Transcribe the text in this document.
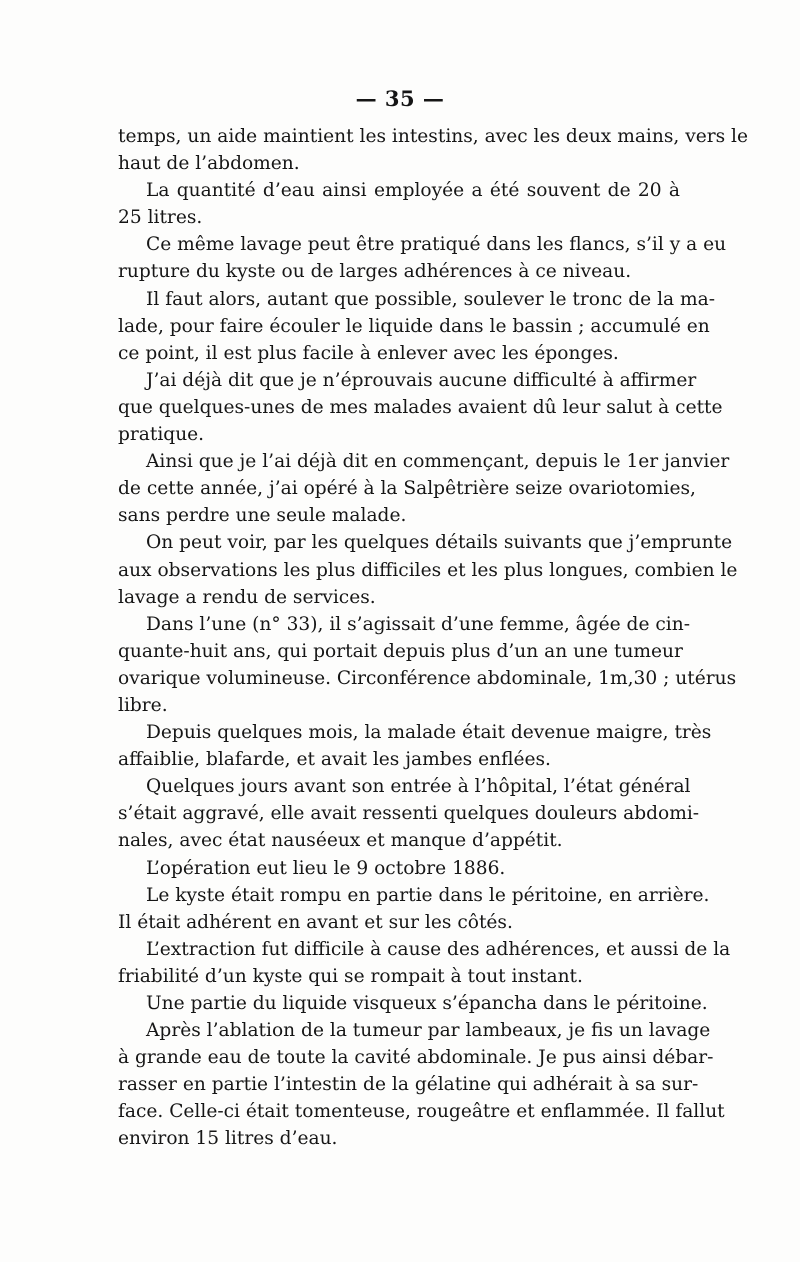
— 35 —
temps, un aide maintient les intestins, avec les deux mains, vers le
haut de l’abdomen.
La quantité d’eau ainsi employée a été souvent de 20 à
25 litres.
Ce même lavage peut être pratiqué dans les flancs, s’il y a eu
rupture du kyste ou de larges adhérences à ce niveau.
Il faut alors, autant que possible, soulever le tronc de la ma-
lade, pour faire écouler le liquide dans le bassin ; accumulé en
ce point, il est plus facile à enlever avec les éponges.
J’ai déjà dit que je n’éprouvais aucune difficulté à affirmer
que quelques-unes de mes malades avaient dû leur salut à cette
pratique.
Ainsi que je l’ai déjà dit en commençant, depuis le 1er janvier
de cette année, j’ai opéré à la Salpêtrière seize ovariotomies,
sans perdre une seule malade.
On peut voir, par les quelques détails suivants que j’emprunte
aux observations les plus difficiles et les plus longues, combien le
lavage a rendu de services.
Dans l’une (n° 33), il s’agissait d’une femme, âgée de cin-
quante-huit ans, qui portait depuis plus d’un an une tumeur
ovarique volumineuse. Circonférence abdominale, 1m,30 ; utérus
libre.
Depuis quelques mois, la malade était devenue maigre, très
affaiblie, blafarde, et avait les jambes enflées.
Quelques jours avant son entrée à l’hôpital, l’état général
s’était aggravé, elle avait ressenti quelques douleurs abdomi-
nales, avec état nauséeux et manque d’appétit.
L’opération eut lieu le 9 octobre 1886.
Le kyste était rompu en partie dans le péritoine, en arrière.
Il était adhérent en avant et sur les côtés.
L’extraction fut difficile à cause des adhérences, et aussi de la
friabilité d’un kyste qui se rompait à tout instant.
Une partie du liquide visqueux s’épancha dans le péritoine.
Après l’ablation de la tumeur par lambeaux, je fis un lavage
à grande eau de toute la cavité abdominale. Je pus ainsi débar-
rasser en partie l’intestin de la gélatine qui adhérait à sa sur-
face. Celle-ci était tomenteuse, rougeâtre et enflammée. Il fallut
environ 15 litres d’eau.
